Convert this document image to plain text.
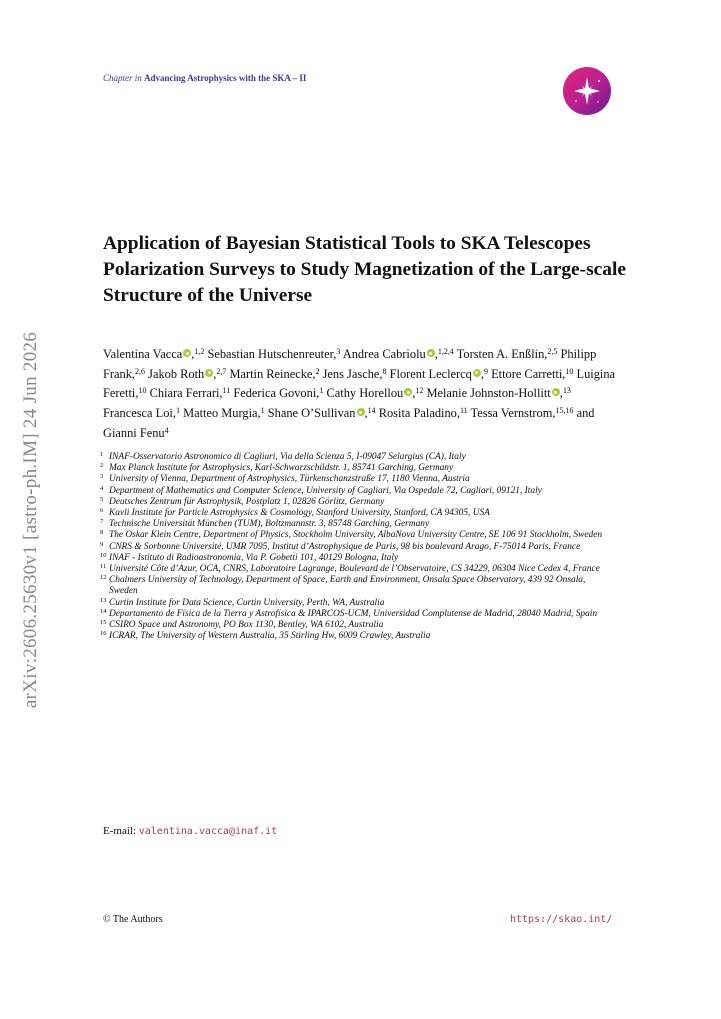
arXiv:2606.25630v1 [astro-ph.IM] 24 Jun 2026
Chapter in Advancing Astrophysics with the SKA – II
Application of Bayesian Statistical Tools to SKA Telescopes Polarization Surveys to Study Magnetization of the Large-scale Structure of the Universe
Valentina Vacca ,$^{1,2}$ Sebastian Hutschenreuter,$^3$ Andrea Cabriolu ,$^{1,2,4}$ Torsten A. Enßlin,$^{2,5}$ Philipp Frank,$^{2,6}$ Jakob Roth ,$^{2,7}$ Martin Reinecke,$^2$ Jens Jasche,$^8$ Florent Leclercq ,$^9$ Ettore Carretti,$^{10}$ Luigina Feretti,$^{10}$ Chiara Ferrari,$^{11}$ Federica Govoni,$^1$ Cathy Horellou ,$^{12}$ Melanie Johnston-Hollitt ,$^{13}$ Francesca Loi,$^1$ Matteo Murgia,$^1$ Shane O’Sullivan ,$^{14}$ Rosita Paladino,$^{11}$ Tessa Vernstrom,$^{15,16}$ and Gianni Fenu$^4$
1 INAF-Osservatorio Astronomico di Cagliari, Via della Scienza 5, I-09047 Selargius (CA), Italy
2 Max Planck Institute for Astrophysics, Karl-Schwarzschildstr. 1, 85741 Garching, Germany
3 University of Vienna, Department of Astrophysics, Türkenschanzstraße 17, 1180 Vienna, Austria
4 Department of Mathematics and Computer Science, University of Cagliari, Via Ospedale 72, Cagliari, 09121, Italy
5 Deutsches Zentrum für Astrophysik, Postplatz 1, 02826 Görlitz, Germany
6 Kavli Institute for Particle Astrophysics & Cosmology, Stanford University, Stanford, CA 94305, USA
7 Technische Universität München (TUM), Boltzmannstr. 3, 85748 Garching, Germany
8 The Oskar Klein Centre, Department of Physics, Stockholm University, AlbaNova University Centre, SE 106 91 Stockholm, Sweden
9 CNRS & Sorbonne Université, UMR 7095, Institut d’Astrophysique de Paris, 98 bis boulevard Arago, F-75014 Paris, France
10 INAF - Istituto di Radioastronomia, Via P. Gobetti 101, 40129 Bologna, Italy
11 Université Côte d’Azur, OCA, CNRS, Laboratoire Lagrange, Boulevard de l’Observatoire, CS 34229, 06304 Nice Cedex 4, France
12 Chalmers University of Technology, Department of Space, Earth and Environment, Onsala Space Observatory, 439 92 Onsala, Sweden
13 Curtin Institute for Data Science, Curtin University, Perth, WA, Australia
14 Departamento de Física de la Tierra y Astrofísica & IPARCOS-UCM, Universidad Complutense de Madrid, 28040 Madrid, Spain
15 CSIRO Space and Astronomy, PO Box 1130, Bentley, WA 6102, Australia
16 ICRAR, The University of Western Australia, 35 Stirling Hw, 6009 Crawley, Australia
E-mail: valentina.vacca@inaf.it
© The Authors	https://skao.int/
